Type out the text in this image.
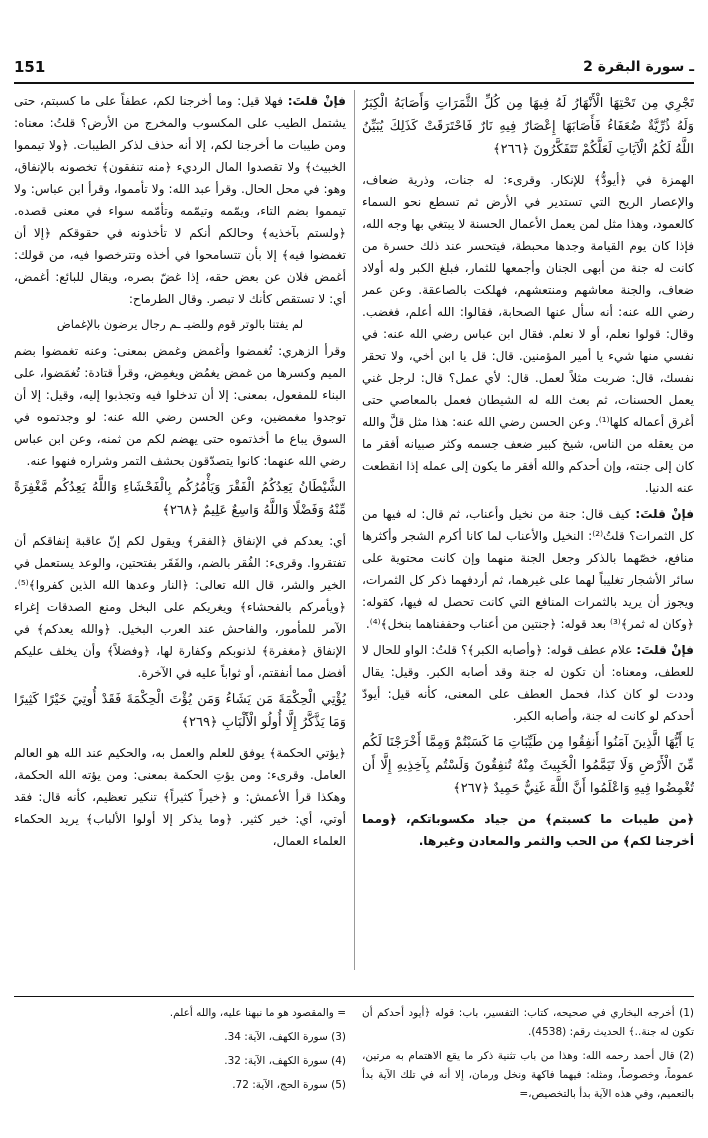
151	2 ـ سورة البقرة
تَجْرِي مِن تَحْتِهَا الْأَنْهَارُ لَهُ فِيهَا مِن كُلِّ الثَّمَرَاتِ وَأَصَابَهُ الْكِبَرُ وَلَهُ ذُرِّيَّةٌ ضُعَفَاءُ فَأَصَابَهَا إِعْصَارٌ فِيهِ نَارٌ فَاحْتَرَقَتْ كَذَلِكَ يُبَيِّنُ اللَّهُ لَكُمُ الْآيَاتِ لَعَلَّكُمْ تَتَفَكَّرُونَ ﴿٢٦٦﴾

الهمزة في ﴿أيودُّ﴾ للإنكار. وقرىء: له جنات، وذرية ضعاف، والإعصار الريح التي تستدير في الأرض ثم تسطع نحو السماء كالعمود، وهذا مثل لمن يعمل الأعمال الحسنة لا يبتغي بها وجه الله، فإذا كان يوم القيامة وجدها محبطة، فيتحسر عند ذلك حسرة من كانت له جنة من أبهى الجنان وأجمعها للثمار، فبلغ الكبر وله أولاد ضعاف، والجنة معاشهم ومنتعشهم، فهلكت بالصاعقة. وعن عمر رضي الله عنه: أنه سأل عنها الصحابة، فقالوا: الله أعلم، فغضب. وقال: قولوا نعلم، أو لا نعلم. فقال ابن عباس رضي الله عنه: في نفسي منها شيء يا أمير المؤمنين. قال: قل يا ابن أخي، ولا تحقر نفسك، قال: ضربت مثلاً لعمل. قال: لأي عمل؟ قال: لرجل غني يعمل الحسنات، ثم بعث الله له الشيطان فعمل بالمعاصي حتى أغرق أعماله كلها⁽¹⁾. وعن الحسن رضي الله عنه: هذا مثل قلَّ والله من يعقله من الناس، شيخ كبير ضعف جسمه وكثر صبيانه أفقر ما كان إلى جنته، وإن أحدكم والله أفقر ما يكون إلى عمله إذا انقطعت عنه الدنيا.

فإنْ قلتَ: كيف قال: جنة من نخيل وأعناب، ثم قال: له فيها من كل الثمرات؟ قلتُ⁽²⁾: النخيل والأعناب لما كانا أكرم الشجر وأكثرها منافع، خصّهما بالذكر وجعل الجنة منهما وإن كانت محتوية على سائر الأشجار تغليباً لهما على غيرهما، ثم أردفهما ذكر كل الثمرات، ويجوز أن يريد بالثمرات المنافع التي كانت تحصل له فيها، كقوله: ﴿وكان له ثمر﴾⁽³⁾ بعد قوله: ﴿جنتين من أعناب وحففناهما بنخل﴾⁽⁴⁾.

فإنْ قلتَ: علام عطف قوله: ﴿وأصابه الكبر﴾؟ قلتُ: الواو للحال لا للعطف، ومعناه: أن تكون له جنة وقد أصابه الكبر. وقيل: يقال وددت لو كان كذا، فحمل العطف على المعنى، كأنه قيل: أيودّ أحدكم لو كانت له جنة، وأصابه الكبر.

يَا أَيُّهَا الَّذِينَ آمَنُوا أَنفِقُوا مِن طَيِّبَاتِ مَا كَسَبْتُمْ وَمِمَّا أَخْرَجْنَا لَكُم مِّنَ الْأَرْضِ وَلَا تَيَمَّمُوا الْخَبِيثَ مِنْهُ تُنفِقُونَ وَلَسْتُم بِآخِذِيهِ إِلَّا أَن تُغْمِضُوا فِيهِ وَاعْلَمُوا أَنَّ اللَّهَ غَنِيٌّ حَمِيدٌ ﴿٢٦٧﴾

﴿من طيبات ما كسبتم﴾ من جياد مكسوباتكم، ﴿ومما أخرجنا لكم﴾ من الحب والثمر والمعادن وغيرها.

فإنْ قلتَ: فهلا قيل: وما أخرجنا لكم، عطفاً على ما كسبتم، حتى يشتمل الطيب على المكسوب والمخرج من الأرض؟ قلتُ: معناه: ومن طيبات ما أخرجنا لكم، إلا أنه حذف لذكر الطيبات. ﴿ولا تيمموا الخبيث﴾ ولا تقصدوا المال الرديء ﴿منه تنفقون﴾ تخصونه بالإنفاق، وهو: في محل الحال. وقرأ عبد الله: ولا تأمموا، وقرأ ابن عباس: ولا تيمموا بضم التاء، ويمّمه وتيمّمه وتأمّمه سواء في معنى قصده. ﴿ولستم بآخذيه﴾ وحالكم أنكم لا تأخذونه في حقوقكم ﴿إلا أن تغمضوا فيه﴾ إلا بأن تتسامحوا في أخذه وتترخصوا فيه، من قولك: أغمض فلان عن بعض حقه، إذا غضّ بصره، ويقال للبائع: أغمض، أي: لا تستقص كأنك لا تبصر. وقال الطرماح:

لم يفتنا بالوتر قوم وللضيـ ـم رجال يرضون بالإغماض

وقرأ الزهري: تُغمضوا وأغمض وغمض بمعنى: وعنه تغمضوا بضم الميم وكسرها من غمض يغمُض ويغمِض، وقرأ قتادة: تُغمَضوا، على البناء للمفعول، بمعنى: إلا أن تدخلوا فيه وتجذبوا إليه، وقيل: إلا أن توجدوا مغمضين، وعن الحسن رضي الله عنه: لو وجدتموه في السوق يباع ما أخذتموه حتى يهضم لكم من ثمنه، وعن ابن عباس رضي الله عنهما: كانوا يتصدّقون بحشف التمر وشراره فنهوا عنه.

الشَّيْطَانُ يَعِدُكُمُ الْفَقْرَ وَيَأْمُرُكُم بِالْفَحْشَاءِ وَاللَّهُ يَعِدُكُم مَّغْفِرَةً مِّنْهُ وَفَضْلًا وَاللَّهُ وَاسِعٌ عَلِيمٌ ﴿٢٦٨﴾

أي: يعدكم في الإنفاق ﴿الفقر﴾ ويقول لكم إنّ عاقبة إنفاقكم أن تفتقروا. وقرىء: الفُقر بالضم، والفَقَر بفتحتين، والوعد يستعمل في الخير والشر، قال الله تعالى: ﴿النار وعدها الله الذين كفروا﴾⁽⁵⁾. ﴿ويأمركم بالفحشاء﴾ ويغريكم على البخل ومنع الصدقات إغراء الآمر للمأمور، والفاحش عند العرب البخيل. ﴿والله يعدكم﴾ في الإنفاق ﴿مغفرة﴾ لذنوبكم وكفارة لها، ﴿وفضلاً﴾ وأن يخلف عليكم أفضل مما أنفقتم، أو ثواباً عليه في الآخرة.

يُؤْتِي الْحِكْمَةَ مَن يَشَاءُ وَمَن يُؤْتَ الْحِكْمَةَ فَقَدْ أُوتِيَ خَيْرًا كَثِيرًا وَمَا يَذَّكَّرُ إِلَّا أُولُو الْأَلْبَابِ ﴿٢٦٩﴾

﴿يؤتي الحكمة﴾ يوفق للعلم والعمل به، والحكيم عند الله هو العالم العامل. وقرىء: ومن يؤتِ الحكمة بمعنى: ومن يؤته الله الحكمة، وهكذا قرأ الأعمش: و ﴿خيراً كثيراً﴾ تنكير تعظيم، كأنه قال: فقد أوتي، أي: خير كثير. ﴿وما يذكر إلا أولوا الألباب﴾ يريد الحكماء العلماء العمال،

(1) أخرجه البخاري في صحيحه، كتاب: التفسير، باب: قوله ﴿أيود أحدكم أن تكون له جنة..﴾ الحديث رقم: (4538).
(2) قال أحمد رحمه الله: وهذا من باب تثنية ذكر ما يقع الاهتمام به مرتين، عموماً، وخصوصاً، ومثله: فيهما فاكهة ونخل ورمان، إلا أنه في تلك الآية بدأ بالتعميم، وفي هذه الآية بدأ بالتخصيص،=
= والمقصود هو ما نبهنا عليه، والله أعلم.
(3) سورة الكهف، الآية: 34.
(4) سورة الكهف، الآية: 32.
(5) سورة الحج، الآية: 72.
